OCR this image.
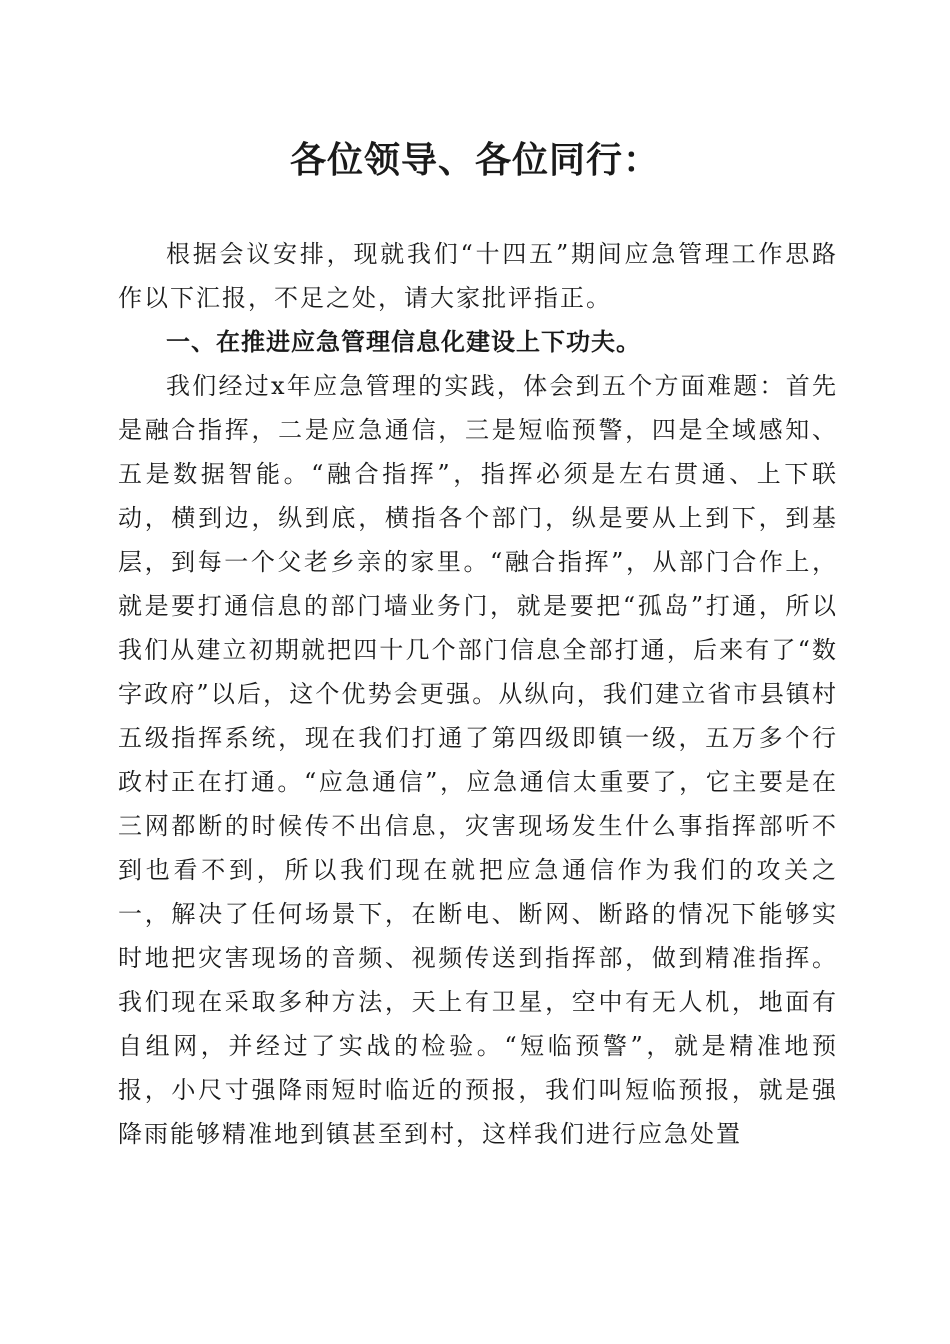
各位领导、各位同行：

根据会议安排，现就我们“十四五”期间应急管理工作思路作以下汇报，不足之处，请大家批评指正。

一、在推进应急管理信息化建设上下功夫。

我们经过x年应急管理的实践，体会到五个方面难题：首先是融合指挥，二是应急通信，三是短临预警，四是全域感知、五是数据智能。“融合指挥”，指挥必须是左右贯通、上下联动，横到边，纵到底，横指各个部门，纵是要从上到下，到基层，到每一个父老乡亲的家里。“融合指挥”，从部门合作上，就是要打通信息的部门墙业务门，就是要把“孤岛”打通，所以我们从建立初期就把四十几个部门信息全部打通，后来有了“数字政府”以后，这个优势会更强。从纵向，我们建立省市县镇村五级指挥系统，现在我们打通了第四级即镇一级，五万多个行政村正在打通。“应急通信”，应急通信太重要了，它主要是在三网都断的时候传不出信息，灾害现场发生什么事指挥部听不到也看不到，所以我们现在就把应急通信作为我们的攻关之一，解决了任何场景下，在断电、断网、断路的情况下能够实时地把灾害现场的音频、视频传送到指挥部，做到精准指挥。我们现在采取多种方法，天上有卫星，空中有无人机，地面有自组网，并经过了实战的检验。“短临预警”，就是精准地预报，小尺寸强降雨短时临近的预报，我们叫短临预报，就是强降雨能够精准地到镇甚至到村，这样我们进行应急处置
